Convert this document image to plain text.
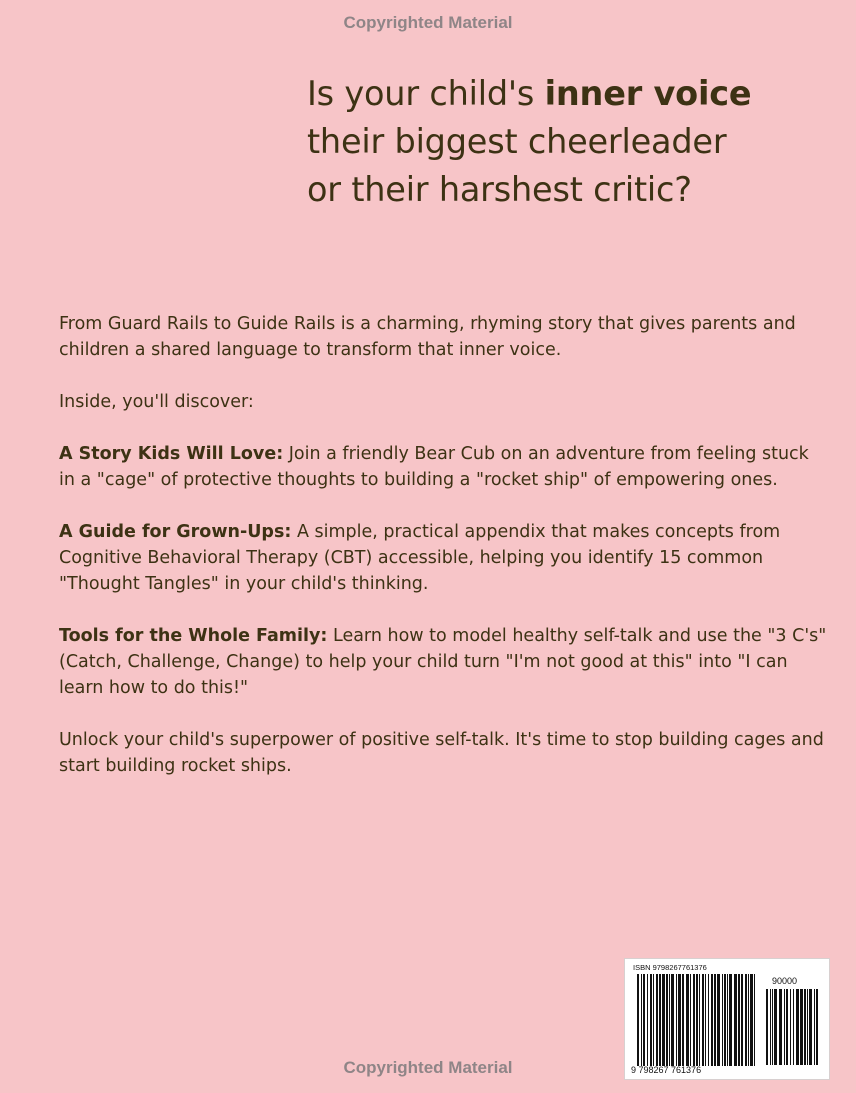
Copyrighted Material
Is your child's inner voice
their biggest cheerleader
or their harshest critic?

From Guard Rails to Guide Rails is a charming, rhyming story that gives parents and children a shared language to transform that inner voice.

Inside, you'll discover:

A Story Kids Will Love: Join a friendly Bear Cub on an adventure from feeling stuck in a "cage" of protective thoughts to building a "rocket ship" of empowering ones.

A Guide for Grown-Ups: A simple, practical appendix that makes concepts from Cognitive Behavioral Therapy (CBT) accessible, helping you identify 15 common "Thought Tangles" in your child's thinking.

Tools for the Whole Family: Learn how to model healthy self-talk and use the "3 C's" (Catch, Challenge, Change) to help your child turn "I'm not good at this" into "I can learn how to do this!"

Unlock your child's superpower of positive self-talk. It's time to stop building cages and start building rocket ships.

ISBN 9798267761376
90000
9 798267 761376
Copyrighted Material
